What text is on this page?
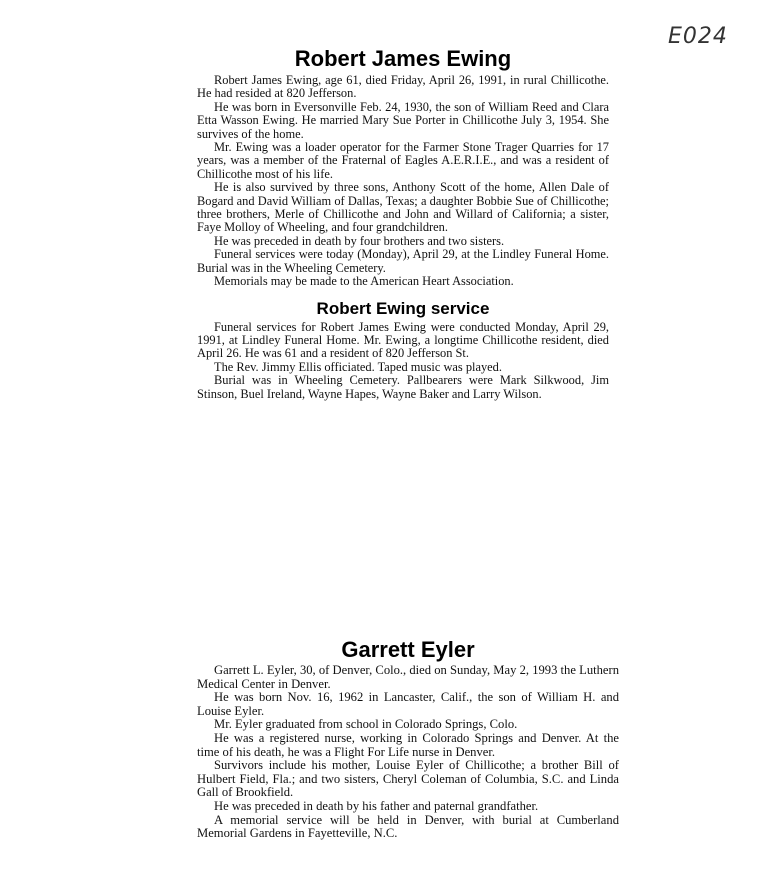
E024
Robert James Ewing

Robert James Ewing, age 61, died Friday, April 26, 1991, in rural Chillicothe. He had resided at 820 Jefferson.

He was born in Eversonville Feb. 24, 1930, the son of William Reed and Clara Etta Wasson Ewing. He married Mary Sue Porter in Chillicothe July 3, 1954. She survives of the home.

Mr. Ewing was a loader operator for the Farmer Stone Trager Quarries for 17 years, was a member of the Fraternal of Eagles A.E.R.I.E., and was a resident of Chillicothe most of his life.

He is also survived by three sons, Anthony Scott of the home, Allen Dale of Bogard and David William of Dallas, Texas; a daughter Bobbie Sue of Chillicothe; three brothers, Merle of Chillicothe and John and Willard of California; a sister, Faye Molloy of Wheeling, and four grandchildren.

He was preceded in death by four brothers and two sisters.

Funeral services were today (Monday), April 29, at the Lindley Funeral Home. Burial was in the Wheeling Cemetery.

Memorials may be made to the American Heart Association.

Robert Ewing service

Funeral services for Robert James Ewing were conducted Monday, April 29, 1991, at Lindley Funeral Home. Mr. Ewing, a longtime Chillicothe resident, died April 26. He was 61 and a resident of 820 Jefferson St.

The Rev. Jimmy Ellis officiated. Taped music was played.

Burial was in Wheeling Cemetery. Pallbearers were Mark Silkwood, Jim Stinson, Buel Ireland, Wayne Hapes, Wayne Baker and Larry Wilson.

Garrett Eyler

Garrett L. Eyler, 30, of Denver, Colo., died on Sunday, May 2, 1993 the Luthern Medical Center in Denver.

He was born Nov. 16, 1962 in Lancaster, Calif., the son of William H. and Louise Eyler.

Mr. Eyler graduated from school in Colorado Springs, Colo.

He was a registered nurse, working in Colorado Springs and Denver. At the time of his death, he was a Flight For Life nurse in Denver.

Survivors include his mother, Louise Eyler of Chillicothe; a brother Bill of Hulbert Field, Fla.; and two sisters, Cheryl Coleman of Columbia, S.C. and Linda Gall of Brookfield.

He was preceded in death by his father and paternal grandfather.

A memorial service will be held in Denver, with burial at Cumberland Memorial Gardens in Fayetteville, N.C.
